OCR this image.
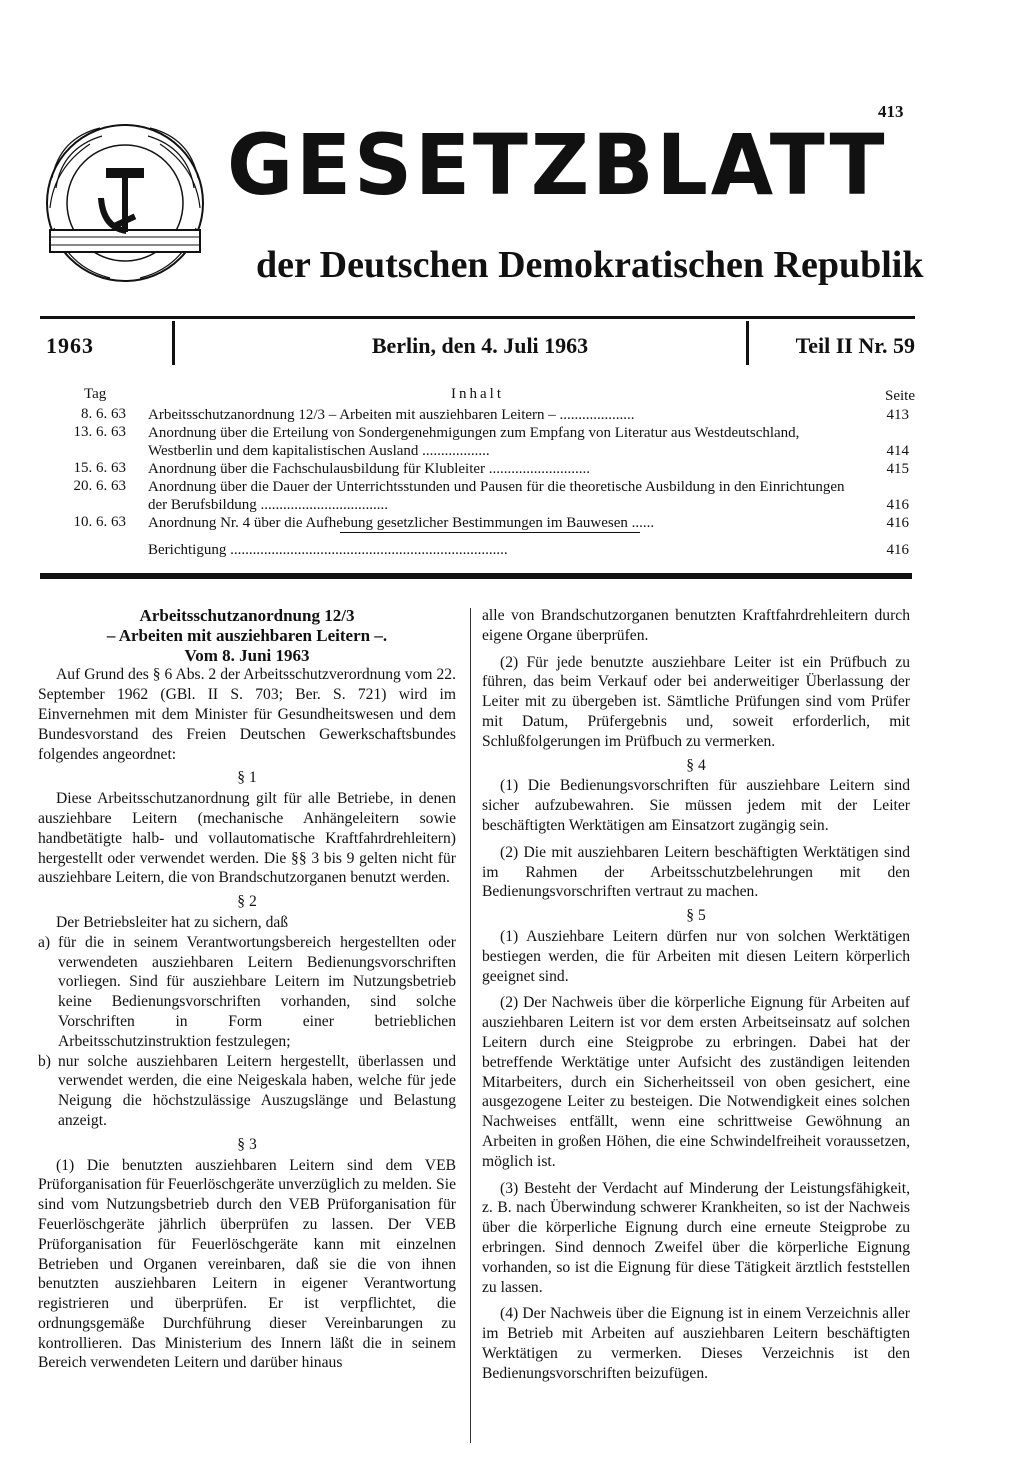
413
GESETZBLATT
der Deutschen Demokratischen Republik
1963	Berlin, den 4. Juli 1963	Teil II Nr. 59
Tag	Inhalt	Seite
8. 6. 63 Arbeitsschutzanordnung 12/3 – Arbeiten mit ausziehbaren Leitern – ....................	413
13. 6. 63 Anordnung über die Erteilung von Sondergenehmigungen zum Empfang von Literatur aus Westdeutschland, Westberlin und dem kapitalistischen Ausland ..................	414
15. 6. 63 Anordnung über die Fachschulausbildung für Klubleiter ...........................	415
20. 6. 63 Anordnung über die Dauer der Unterrichtsstunden und Pausen für die theoretische Ausbildung in den Einrichtungen der Berufsbildung ..................................	416
10. 6. 63 Anordnung Nr. 4 über die Aufhebung gesetzlicher Bestimmungen im Bauwesen ......	416
Berichtigung ..........................................................................	416
Arbeitsschutzanordnung 12/3
– Arbeiten mit ausziehbaren Leitern –.
Vom 8. Juni 1963

Auf Grund des § 6 Abs. 2 der Arbeitsschutzverordnung vom 22. September 1962 (GBl. II S. 703; Ber. S. 721) wird im Einvernehmen mit dem Minister für Gesundheitswesen und dem Bundesvorstand des Freien Deutschen Gewerkschaftsbundes folgendes angeordnet:

§ 1

Diese Arbeitsschutzanordnung gilt für alle Betriebe, in denen ausziehbare Leitern (mechanische Anhängeleitern sowie handbetätigte halb- und vollautomatische Kraftfahrdrehleitern) hergestellt oder verwendet werden. Die §§ 3 bis 9 gelten nicht für ausziehbare Leitern, die von Brandschutzorganen benutzt werden.

§ 2

Der Betriebsleiter hat zu sichern, daß

a) für die in seinem Verantwortungsbereich hergestellten oder verwendeten ausziehbaren Leitern Bedienungsvorschriften vorliegen. Sind für ausziehbare Leitern im Nutzungsbetrieb keine Bedienungsvorschriften vorhanden, sind solche Vorschriften in Form einer betrieblichen Arbeitsschutzinstruktion festzulegen;

b) nur solche ausziehbaren Leitern hergestellt, überlassen und verwendet werden, die eine Neigeskala haben, welche für jede Neigung die höchstzulässige Auszugslänge und Belastung anzeigt.

§ 3

(1) Die benutzten ausziehbaren Leitern sind dem VEB Prüforganisation für Feuerlöschgeräte unverzüglich zu melden. Sie sind vom Nutzungsbetrieb durch den VEB Prüforganisation für Feuerlöschgeräte jährlich überprüfen zu lassen. Der VEB Prüforganisation für Feuerlöschgeräte kann mit einzelnen Betrieben und Organen vereinbaren, daß sie die von ihnen benutzten ausziehbaren Leitern in eigener Verantwortung registrieren und überprüfen. Er ist verpflichtet, die ordnungsgemäße Durchführung dieser Vereinbarungen zu kontrollieren. Das Ministerium des Innern läßt die in seinem Bereich verwendeten Leitern und darüber hinaus

alle von Brandschutzorganen benutzten Kraftfahrdrehleitern durch eigene Organe überprüfen.

(2) Für jede benutzte ausziehbare Leiter ist ein Prüfbuch zu führen, das beim Verkauf oder bei anderweitiger Überlassung der Leiter mit zu übergeben ist. Sämtliche Prüfungen sind vom Prüfer mit Datum, Prüfergebnis und, soweit erforderlich, mit Schlußfolgerungen im Prüfbuch zu vermerken.

§ 4

(1) Die Bedienungsvorschriften für ausziehbare Leitern sind sicher aufzubewahren. Sie müssen jedem mit der Leiter beschäftigten Werktätigen am Einsatzort zugängig sein.

(2) Die mit ausziehbaren Leitern beschäftigten Werktätigen sind im Rahmen der Arbeitsschutzbelehrungen mit den Bedienungsvorschriften vertraut zu machen.

§ 5

(1) Ausziehbare Leitern dürfen nur von solchen Werktätigen bestiegen werden, die für Arbeiten mit diesen Leitern körperlich geeignet sind.

(2) Der Nachweis über die körperliche Eignung für Arbeiten auf ausziehbaren Leitern ist vor dem ersten Arbeitseinsatz auf solchen Leitern durch eine Steigprobe zu erbringen. Dabei hat der betreffende Werktätige unter Aufsicht des zuständigen leitenden Mitarbeiters, durch ein Sicherheitsseil von oben gesichert, eine ausgezogene Leiter zu besteigen. Die Notwendigkeit eines solchen Nachweises entfällt, wenn eine schrittweise Gewöhnung an Arbeiten in großen Höhen, die eine Schwindelfreiheit voraussetzen, möglich ist.

(3) Besteht der Verdacht auf Minderung der Leistungsfähigkeit, z. B. nach Überwindung schwerer Krankheiten, so ist der Nachweis über die körperliche Eignung durch eine erneute Steigprobe zu erbringen. Sind dennoch Zweifel über die körperliche Eignung vorhanden, so ist die Eignung für diese Tätigkeit ärztlich feststellen zu lassen.

(4) Der Nachweis über die Eignung ist in einem Verzeichnis aller im Betrieb mit Arbeiten auf ausziehbaren Leitern beschäftigten Werktätigen zu vermerken. Dieses Verzeichnis ist den Bedienungsvorschriften beizufügen.
